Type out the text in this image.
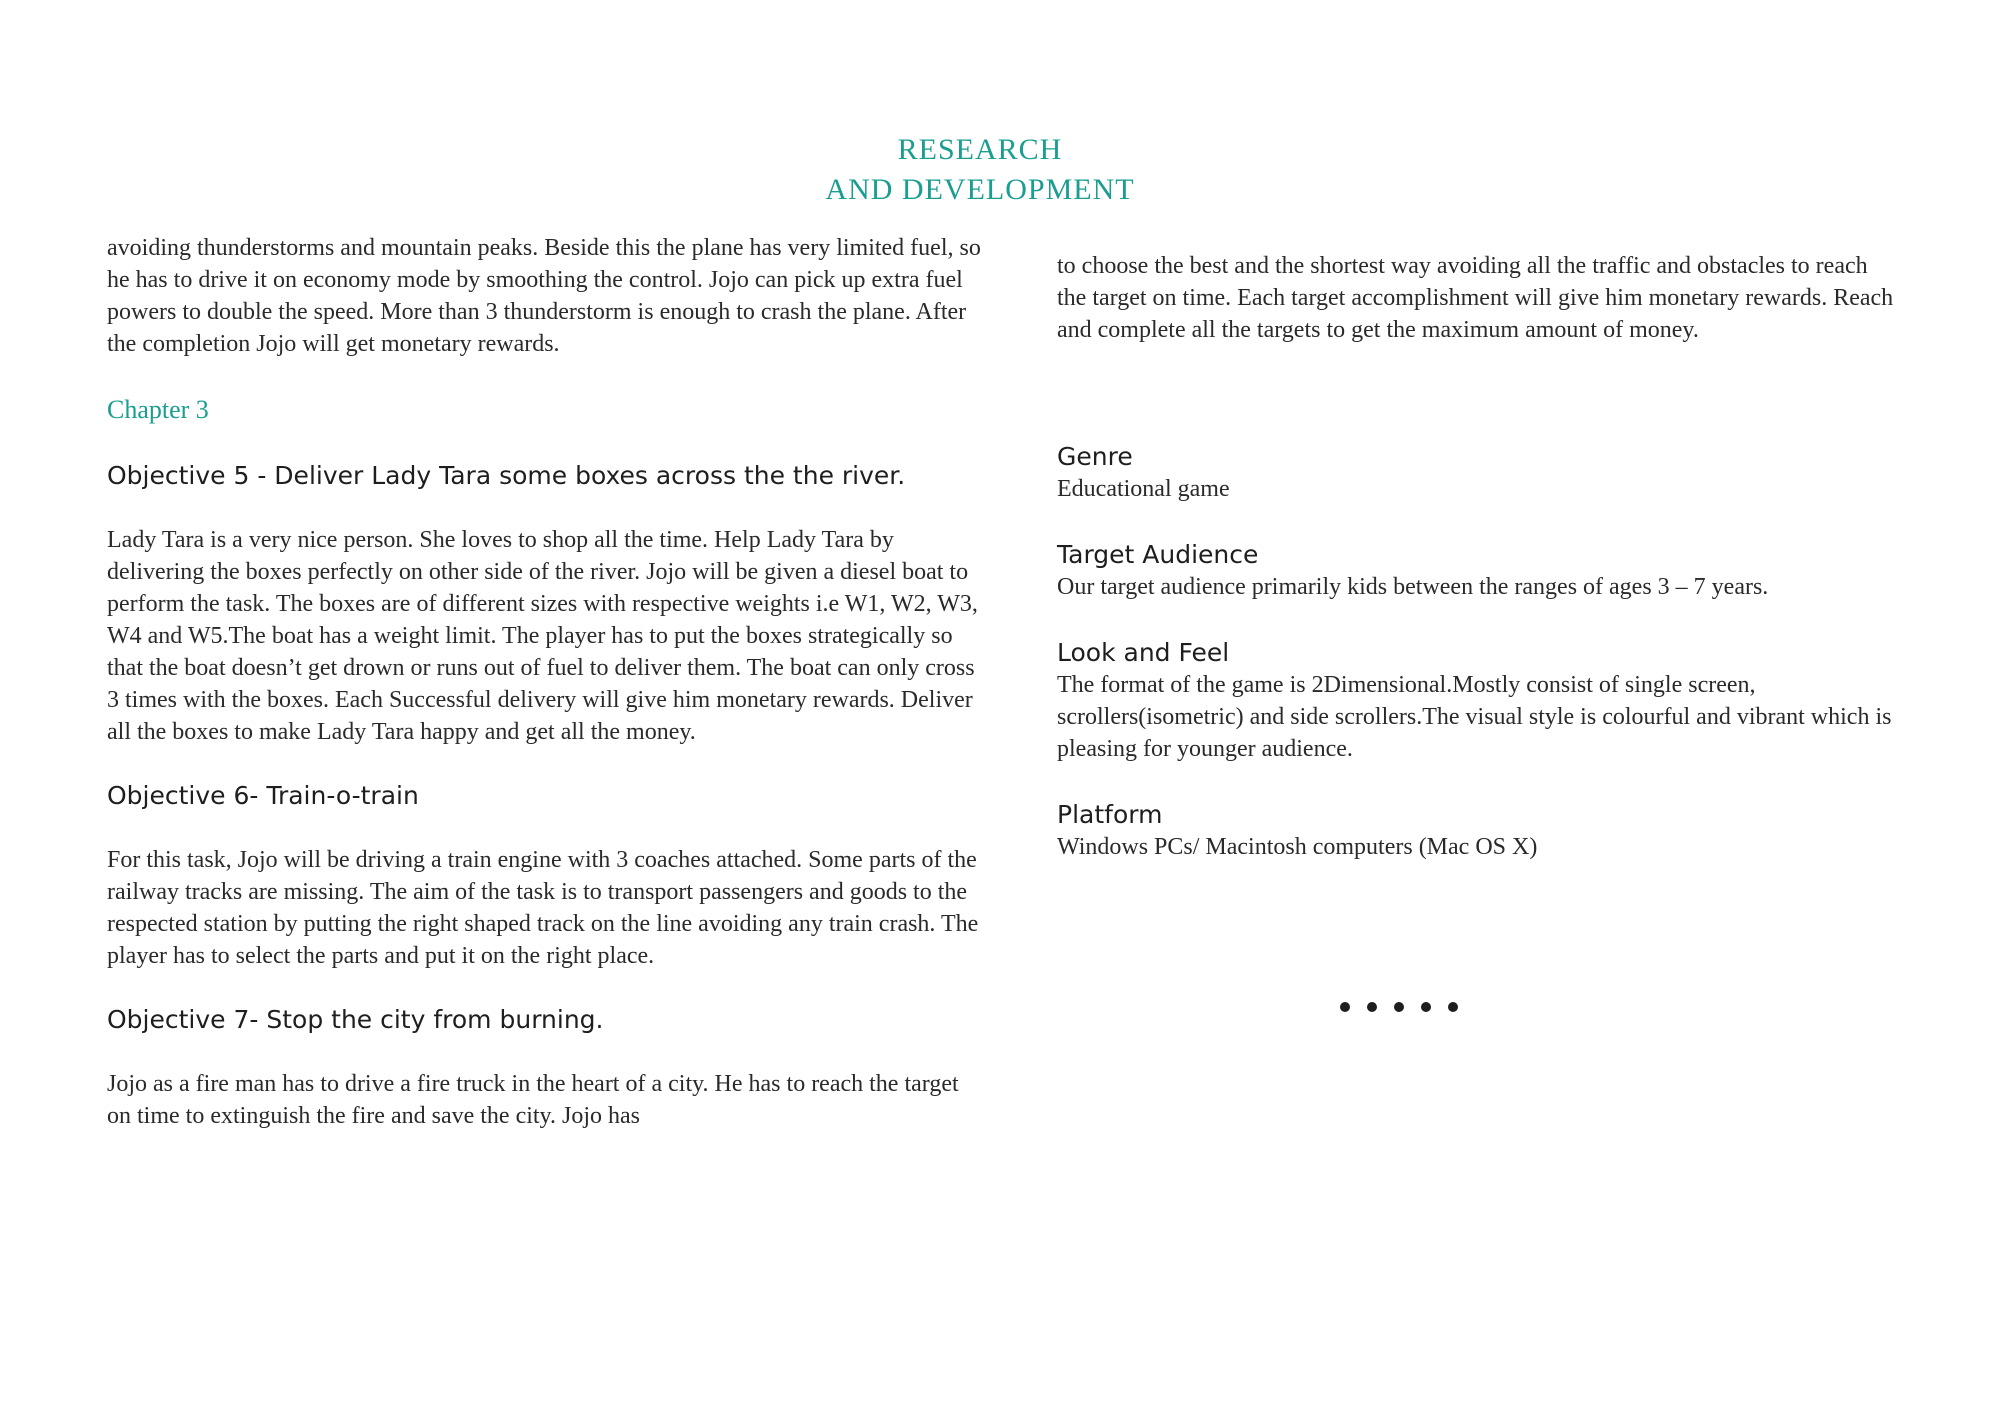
RESEARCH
AND DEVELOPMENT

avoiding thunderstorms and mountain peaks. Beside this the plane has very limited fuel, so he has to drive it on economy mode by smoothing the control. Jojo can pick up extra fuel powers to double the speed. More than 3 thunderstorm is enough to crash the plane. After the completion Jojo will get monetary rewards.

Chapter 3

Objective 5 - Deliver Lady Tara some boxes across the the river.

Lady Tara is a very nice person. She loves to shop all the time. Help Lady Tara by delivering the boxes perfectly on other side of the river. Jojo will be given a diesel boat to perform the task. The boxes are of different sizes with respective weights i.e W1, W2, W3, W4 and W5.The boat has a weight limit. The player has to put the boxes strategically so that the boat doesn’t get drown or runs out of fuel to deliver them. The boat can only cross 3 times with the boxes. Each Successful delivery will give him monetary rewards. Deliver all the boxes to make Lady Tara happy and get all the money.

Objective 6- Train-o-train

For this task, Jojo will be driving a train engine with 3 coaches attached. Some parts of the railway tracks are missing. The aim of the task is to transport passengers and goods to the

respected station by putting the right shaped track on the line avoiding any train crash. The player has to select the parts and put it on the right place.

Objective 7- Stop the city from burning.

Jojo as a fire man has to drive a fire truck in the heart of a city. He has to reach the target on time to extinguish the fire and save the city. Jojo has

to choose the best and the shortest way avoiding all the traffic and obstacles to reach the target on time. Each target accomplishment will give him monetary rewards. Reach and complete all the targets to get the maximum amount of money.

Genre
Educational game
Target Audience
Our target audience primarily kids between the ranges of ages 3 – 7 years.
Look and Feel
The format of the game is 2Dimensional.Mostly consist of single screen, scrollers(isometric) and side scrollers.The visual style is colourful and vibrant which is pleasing for younger audience.
Platform
Windows PCs/ Macintosh computers (Mac OS X)
